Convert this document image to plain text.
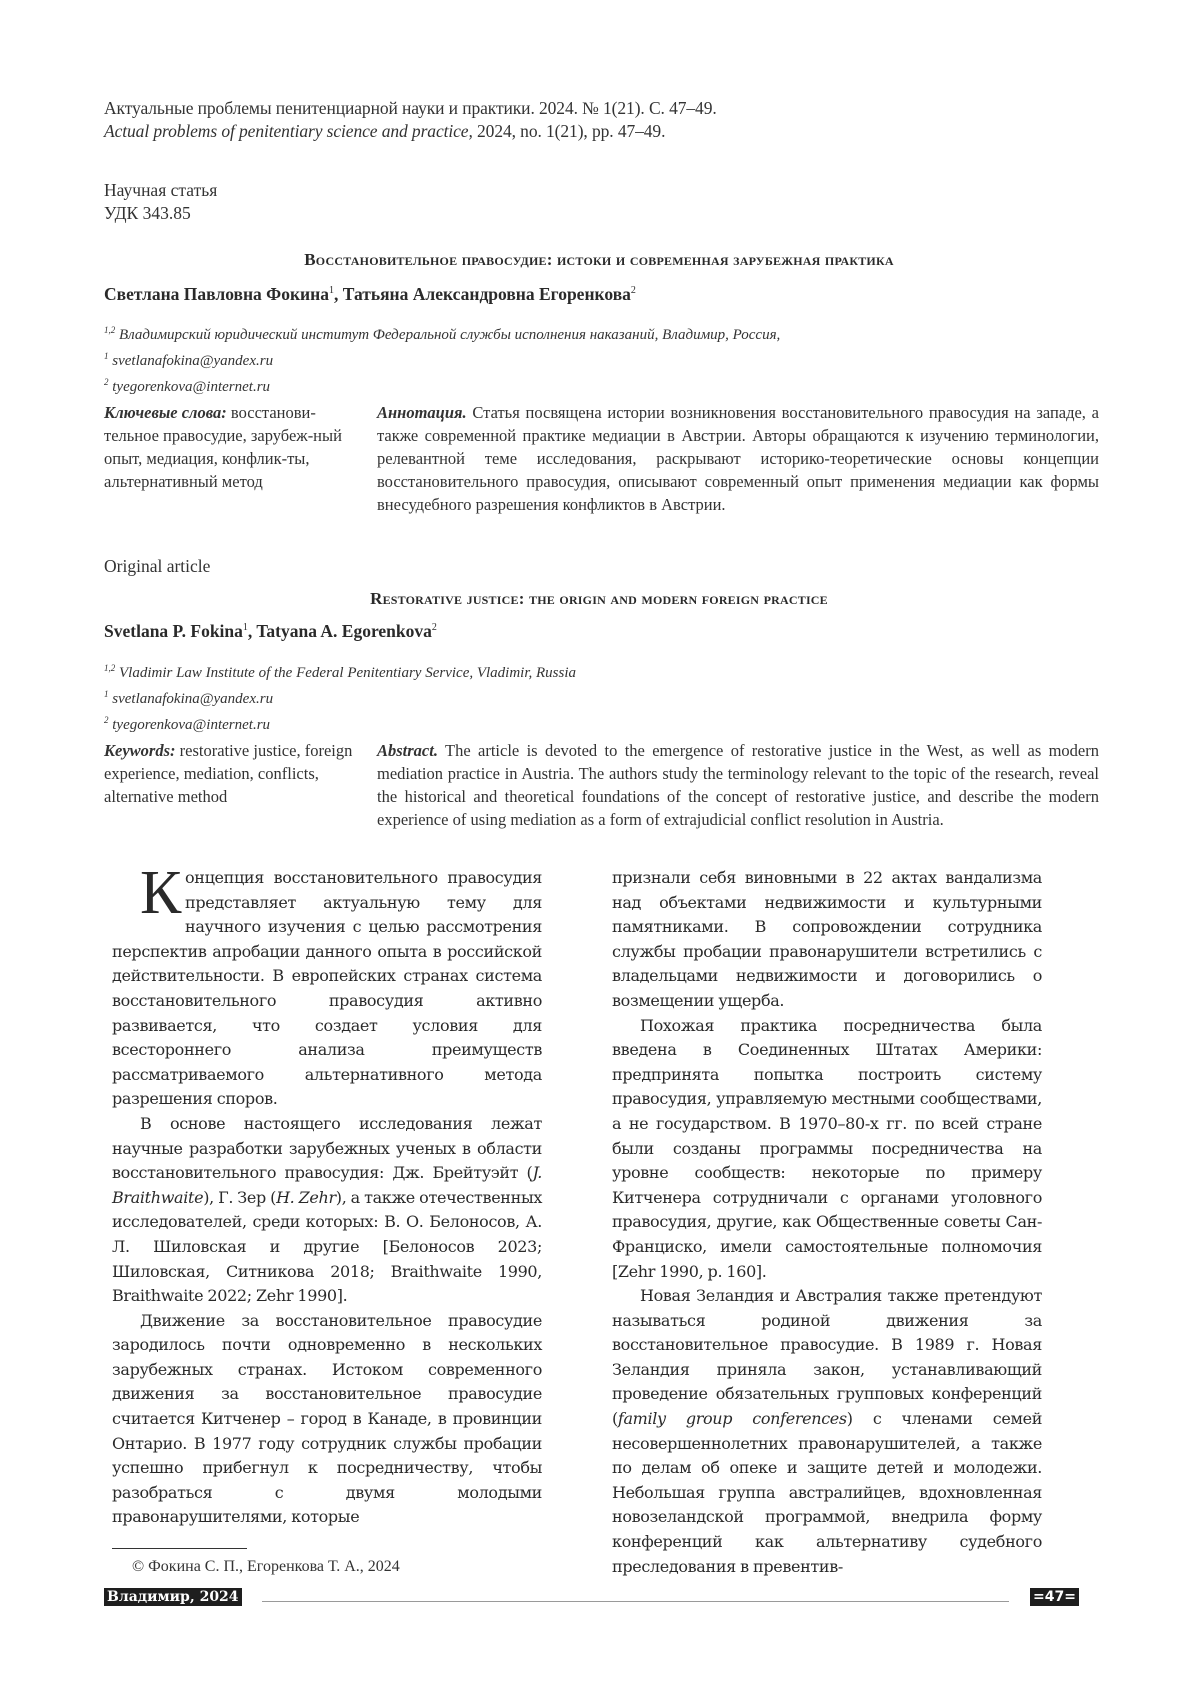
Актуальные проблемы пенитенциарной науки и практики. 2024. № 1(21). С. 47–49.
Actual problems of penitentiary science and practice, 2024, no. 1(21), pp. 47–49.
Научная статья
УДК 343.85
Восстановительное правосудие: истоки и современная зарубежная практика
Светлана Павловна Фокина$^1$, Татьяна Александровна Егоренкова$^2$
$^{1,2}$ Владимирский юридический институт Федеральной службы исполнения наказаний, Владимир, Россия,
$^1$ svetlanafokina@yandex.ru
$^2$ tyegorenkova@internet.ru
Ключевые слова: восстанови-тельное правосудие, зарубеж-ный опыт, медиация, конфлик-ты, альтернативный метод
Аннотация. Статья посвящена истории возникновения восстановительного правосудия на западе, а также современной практике медиации в Австрии. Авторы обращаются к изучению терминологии, релевантной теме исследования, раскрывают историко-теоретические основы концепции восстановительного правосудия, описывают современный опыт применения медиации как формы внесудебного разрешения конфликтов в Австрии.
Original article
Restorative justice: the origin and modern foreign practice
Svetlana P. Fokina$^1$, Tatyana A. Egorenkova$^2$
$^{1,2}$ Vladimir Law Institute of the Federal Penitentiary Service, Vladimir, Russia
$^1$ svetlanafokina@yandex.ru
$^2$ tyegorenkova@internet.ru
Keywords: restorative justice, foreign experience, mediation, conflicts, alternative method
Abstract. The article is devoted to the emergence of restorative justice in the West, as well as modern mediation practice in Austria. The authors study the terminology relevant to the topic of the research, reveal the historical and theoretical foundations of the concept of restorative justice, and describe the modern experience of using mediation as a form of extrajudicial conflict resolution in Austria.

Концепция восстановительного правосудия представляет актуальную тему для научного изучения с целью рассмотрения перспектив апробации данного опыта в российской действительности. В европейских странах система восстановительного правосудия активно развивается, что создает условия для всестороннего анализа преимуществ рассматриваемого альтернативного метода разрешения споров.

В основе настоящего исследования лежат научные разработки зарубежных ученых в области восстановительного правосудия: Дж. Брейтуэйт (J. Braithwaite), Г. Зер (H. Zehr), а также отечественных исследователей, среди которых: В. О. Белоносов, А. Л. Шиловская и другие [Белоносов 2023; Шиловская, Ситникова 2018; Braithwaite 1990, Braithwaite 2022; Zehr 1990].

Движение за восстановительное правосудие зародилось почти одновременно в нескольких зарубежных странах. Истоком современного движения за восстановительное правосудие считается Китченер – город в Канаде, в провинции Онтарио. В 1977 году сотрудник службы пробации успешно прибегнул к посредничеству, чтобы разобраться с двумя молодыми правонарушителями, которые

признали себя виновными в 22 актах вандализма над объектами недвижимости и культурными памятниками. В сопровождении сотрудника службы пробации правонарушители встретились с владельцами недвижимости и договорились о возмещении ущерба.

Похожая практика посредничества была введена в Соединенных Штатах Америки: предпринята попытка построить систему правосудия, управляемую местными сообществами, а не государством. В 1970–80-х гг. по всей стране были созданы программы посредничества на уровне сообществ: некоторые по примеру Китченера сотрудничали с органами уголовного правосудия, другие, как Общественные советы Сан-Франциско, имели самостоятельные полномочия [Zehr 1990, p. 160].

Новая Зеландия и Австралия также претендуют называться родиной движения за восстановительное правосудие. В 1989 г. Новая Зеландия приняла закон, устанавливающий проведение обязательных групповых конференций (family group conferences) с членами семей несовершеннолетних правонарушителей, а также по делам об опеке и защите детей и молодежи. Небольшая группа австралийцев, вдохновленная новозеландской программой, внедрила форму конференций как альтернативу судебного преследования в превентив-

© Фокина С. П., Егоренкова Т. А., 2024
Владимир, 2024	=47=
